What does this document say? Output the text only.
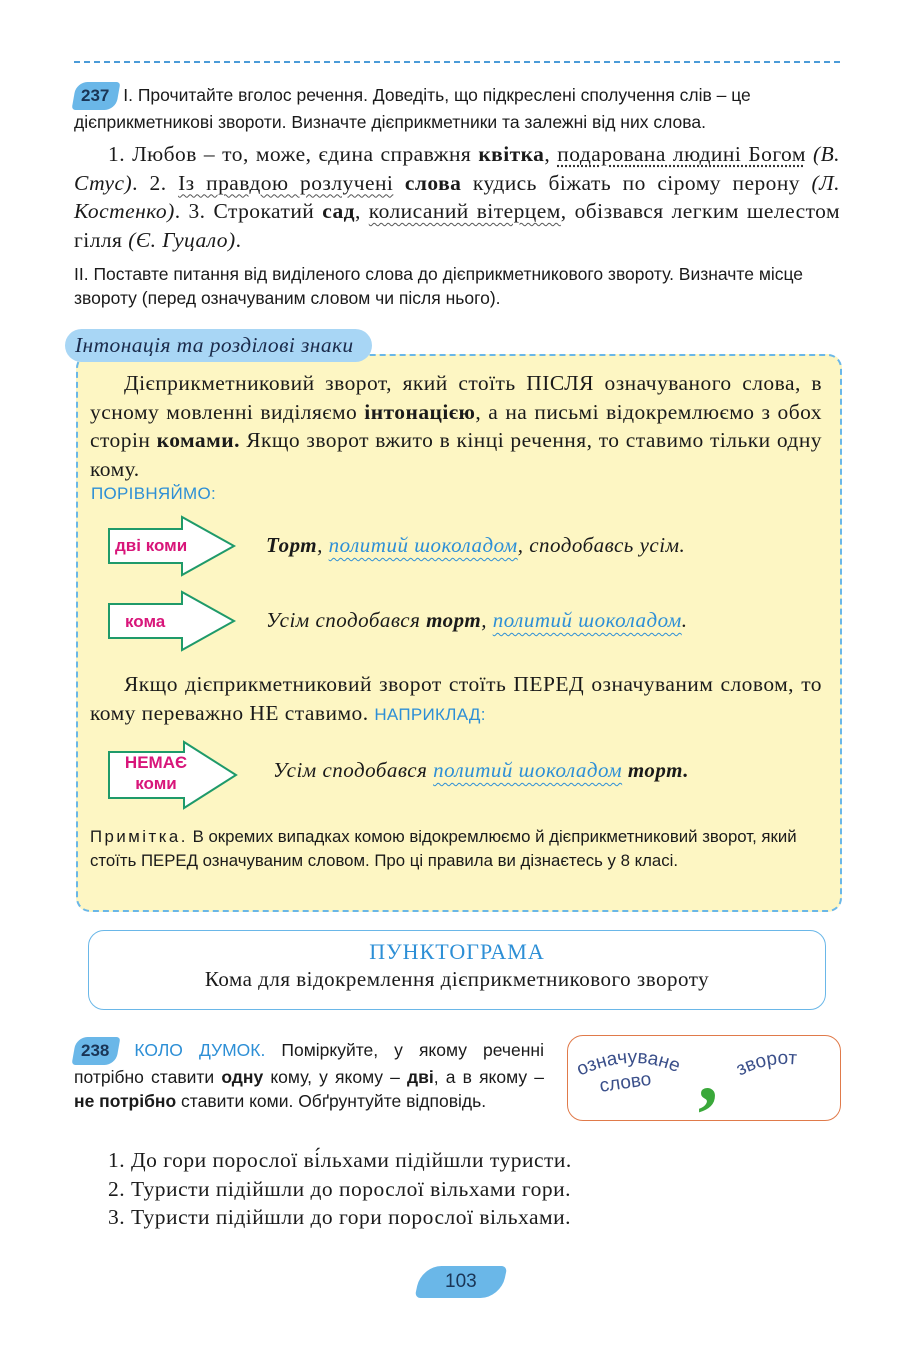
237 І. Прочитайте вголос речення. Доведіть, що підкреслені сполучення слів – це дієприкметникові звороти. Визначте дієприкметники та залежні від них слова.
1. Любов – то, може, єдина справжня квітка, подарована людині Богом (В. Стус). 2. Із правдою розлучені слова кудись біжать по сірому перону (Л. Костенко). 3. Строкатий сад, колисаний вітерцем, обізвався легким шелестом гілля (Є. Гуцало).
ІІ. Поставте питання від виділеного слова до дієприкметникового звороту. Визначте місце звороту (перед означуваним словом чи після нього).
Інтонація та розділові знаки
Дієприкметниковий зворот, який стоїть ПІСЛЯ означуваного слова, в усному мовленні виділяємо інтонацією, а на письмі відокремлюємо з обох сторін комами. Якщо зворот вжито в кінці речення, то ставимо тільки одну кому.
ПОРІВНЯЙМО:
дві коми	Торт, политий шоколадом, сподобавсь усім.
кома	Усім сподобався торт, политий шоколадом.
Якщо дієприкметниковий зворот стоїть ПЕРЕД означуваним словом, то кому переважно НЕ ставимо. НАПРИКЛАД:
НЕМАЄ
коми
Усім сподобався политий шоколадом торт.
Примітка. В окремих випадках комою відокремлюємо й дієприкметниковий зворот, який стоїть ПЕРЕД означуваним словом. Про ці правила ви дізнаєтесь у 8 класі.
ПУНКТОГРАМА
Кома для відокремлення дієприкметникового звороту
238 КОЛО ДУМОК. Поміркуйте, у якому реченні потрібно ставити одну кому, у якому – дві, а в якому – не потрібно ставити коми. Обґрунтуйте відповідь.
означуване
слово , зворот
1. До гори порослої ві́льхами підійшли туристи.
2. Туристи підійшли до порослої вільхами гори.
3. Туристи підійшли до гори порослої вільхами.
103
